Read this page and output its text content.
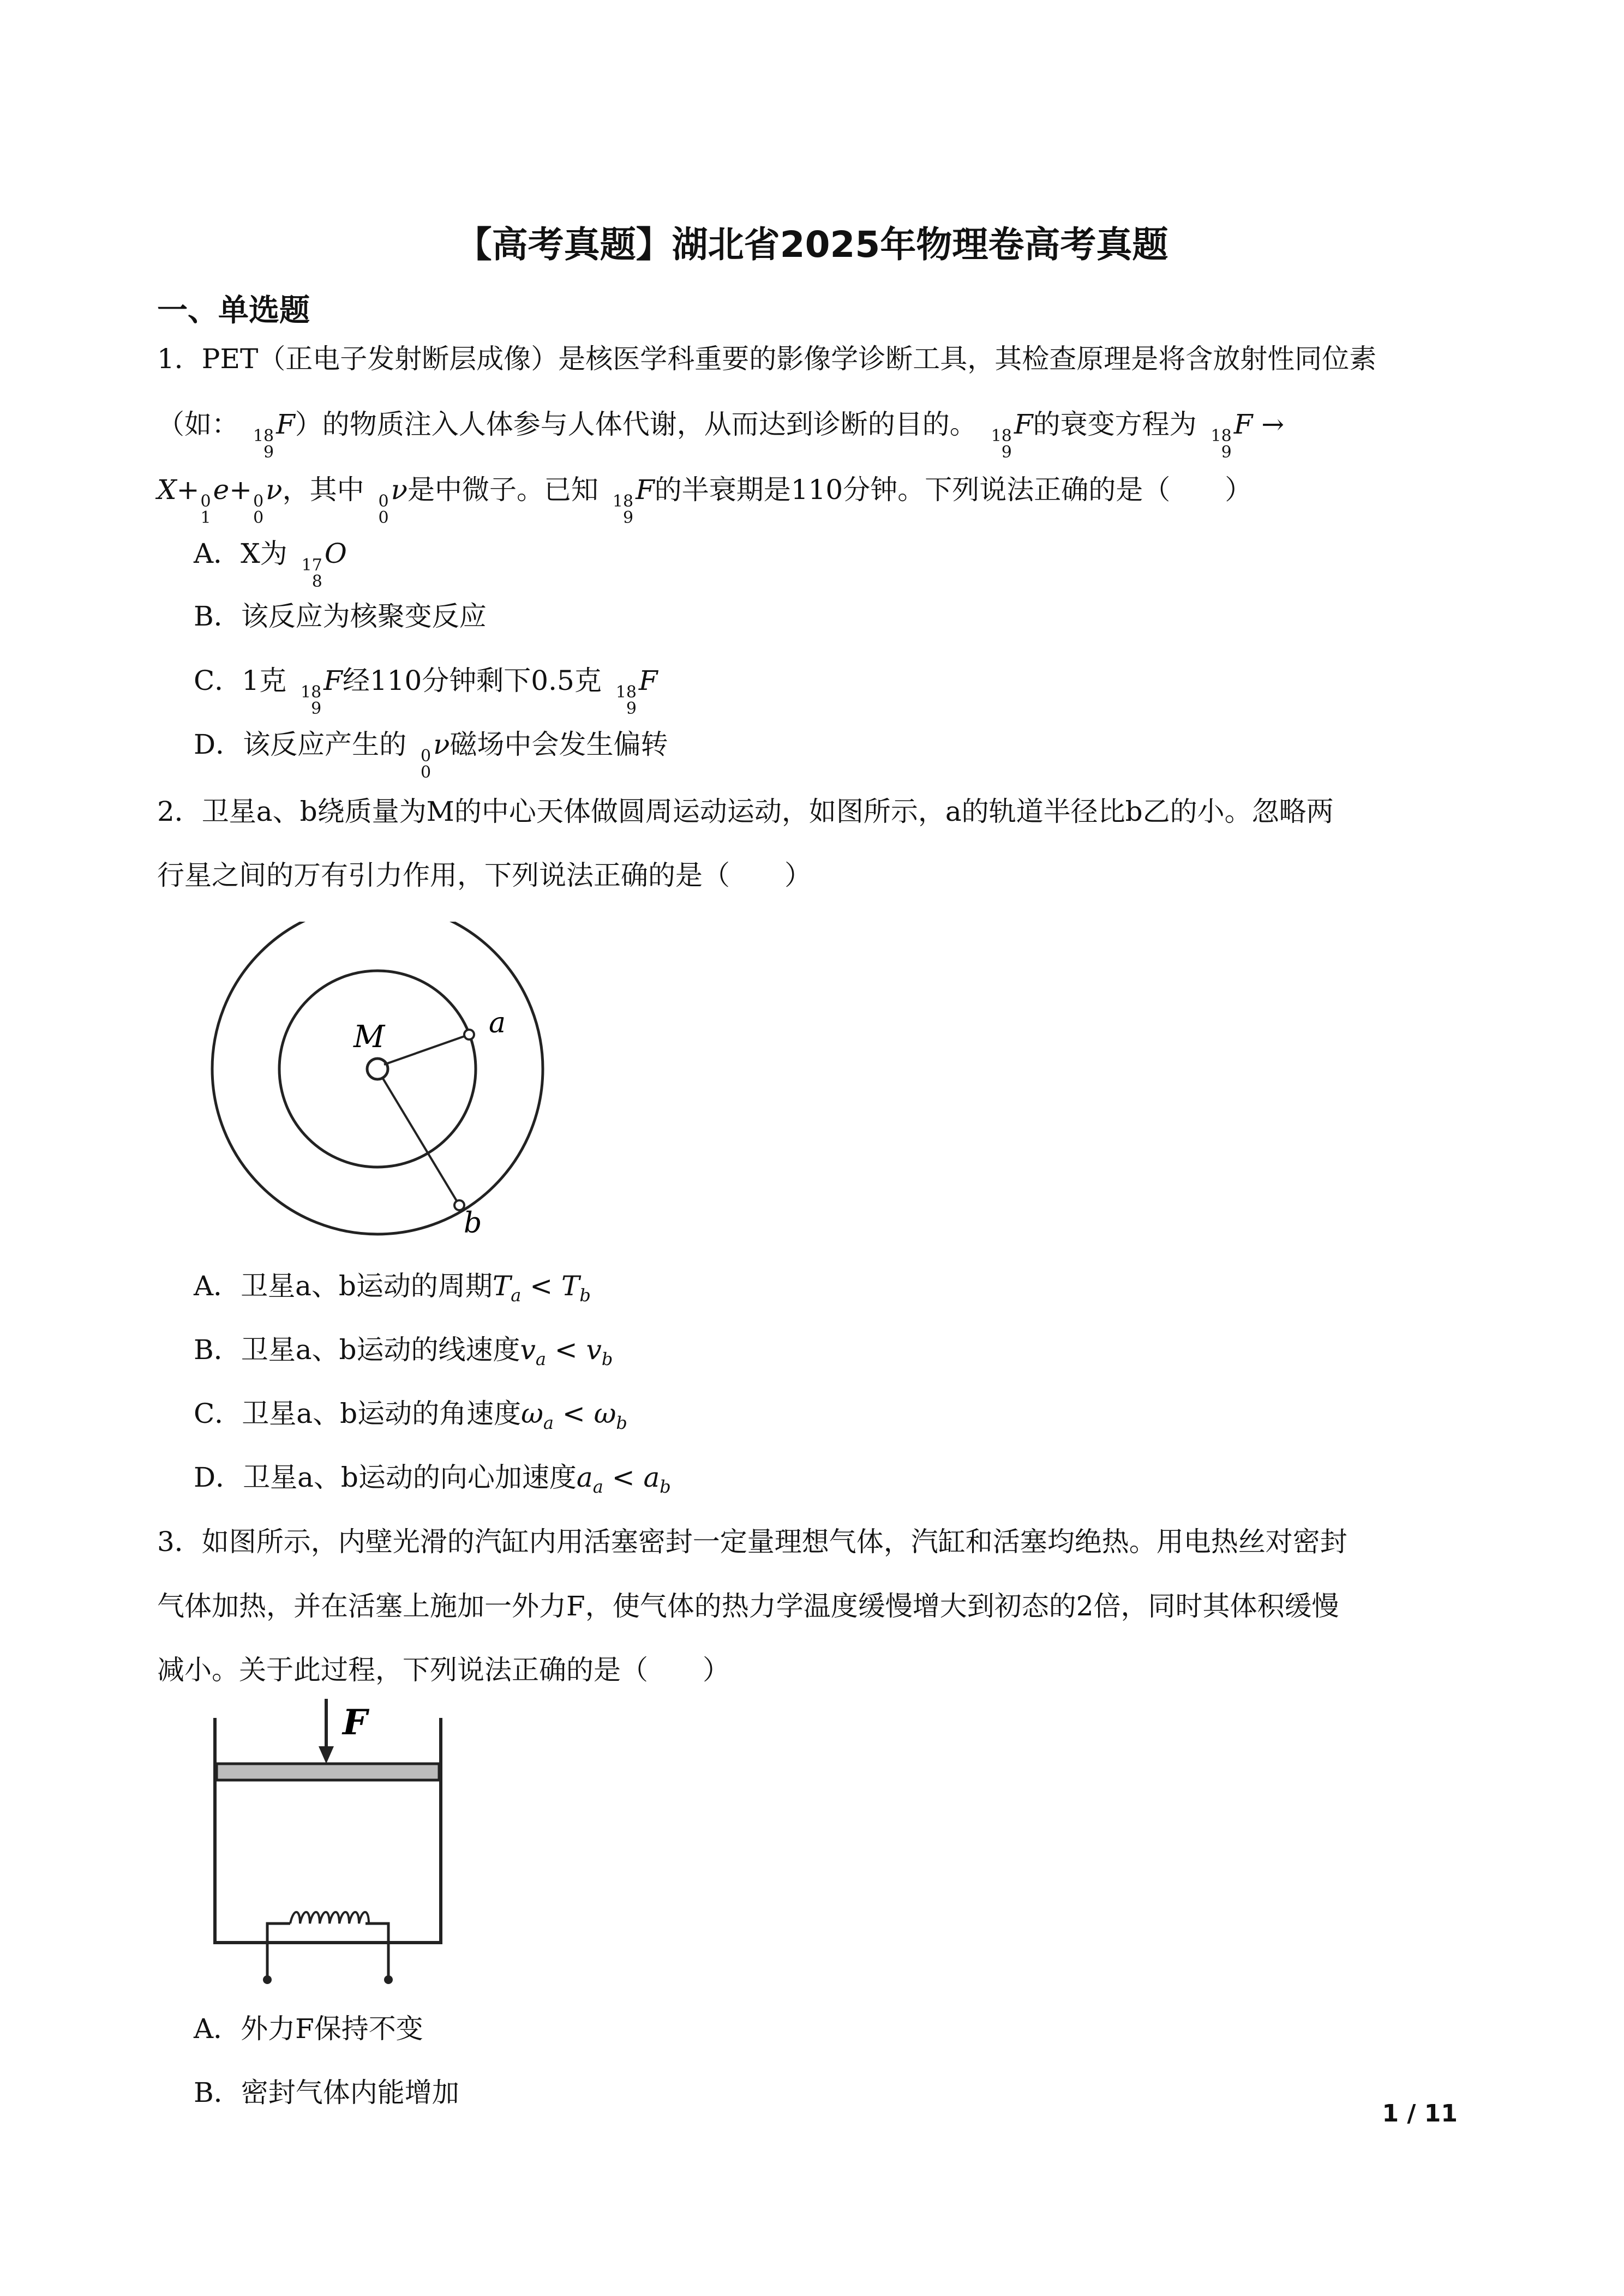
【高考真题】湖北省2025年物理卷高考真题
一、单选题
1．PET（正电子发射断层成像）是核医学科重要的影像学诊断工具，其检查原理是将含放射性同位素
（如： 18
9
F）的物质注入人体参与人体代谢，从而达到诊断的目的。 18
9
F的衰变方程为 18
9
F →
X+ 0
1
e+ 0
0
ν，其中 0
0
ν是中微子。已知 18
9
F的半衰期是110分钟。下列说法正确的是（　　）
A．X为 17
8
O
B．该反应为核聚变反应
C．1克 18
9
F经110分钟剩下0.5克 18
9
F
D．该反应产生的 0
0
ν磁场中会发生偏转
2．卫星a、b绕质量为M的中心天体做圆周运动运动，如图所示，a的轨道半径比b乙的小。忽略两
行星之间的万有引力作用，下列说法正确的是（　　）
M	a
b
A．卫星a、b运动的周期$T_a < T_b$
B．卫星a、b运动的线速度$v_a < v_b$
C．卫星a、b运动的角速度$\omega_a < \omega_b$
D．卫星a、b运动的向心加速度$a_a < a_b$
3．如图所示，内壁光滑的汽缸内用活塞密封一定量理想气体，汽缸和活塞均绝热。用电热丝对密封
气体加热，并在活塞上施加一外力F，使气体的热力学温度缓慢增大到初态的2倍，同时其体积缓慢
减小。关于此过程，下列说法正确的是（　　）
F
A．外力F保持不变
B．密封气体内能增加
1 / 11
